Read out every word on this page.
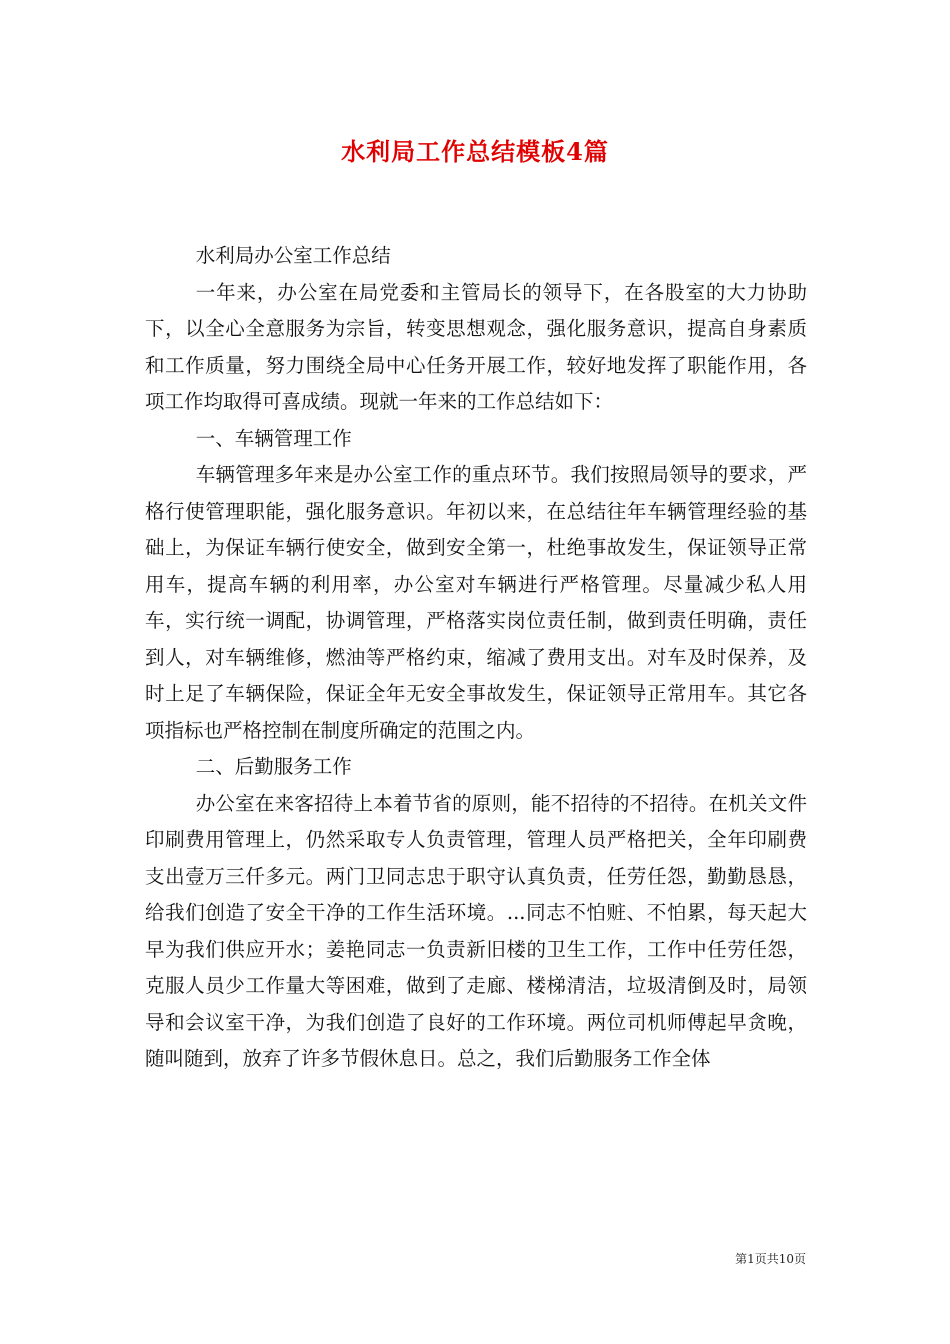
水利局工作总结模板4篇

水利局办公室工作总结

一年来，办公室在局党委和主管局长的领导下，在各股室的大力协助下，以全心全意服务为宗旨，转变思想观念，强化服务意识，提高自身素质和工作质量，努力围绕全局中心任务开展工作，较好地发挥了职能作用，各项工作均取得可喜成绩。现就一年来的工作总结如下：

一、车辆管理工作

车辆管理多年来是办公室工作的重点环节。我们按照局领导的要求，严格行使管理职能，强化服务意识。年初以来，在总结往年车辆管理经验的基础上，为保证车辆行使安全，做到安全第一，杜绝事故发生，保证领导正常用车，提高车辆的利用率，办公室对车辆进行严格管理。尽量减少私人用车，实行统一调配，协调管理，严格落实岗位责任制，做到责任明确，责任到人，对车辆维修，燃油等严格约束，缩减了费用支出。对车及时保养，及时上足了车辆保险，保证全年无安全事故发生，保证领导正常用车。其它各项指标也严格控制在制度所确定的范围之内。

二、后勤服务工作

办公室在来客招待上本着节省的原则，能不招待的不招待。在机关文件印刷费用管理上，仍然采取专人负责管理，管理人员严格把关，全年印刷费支出壹万三仟多元。两门卫同志忠于职守认真负责，任劳任怨，勤勤恳恳，给我们创造了安全干净的工作生活环境。...同志不怕赃、不怕累，每天起大早为我们供应开水；姜艳同志一负责新旧楼的卫生工作，工作中任劳任怨，克服人员少工作量大等困难，做到了走廊、楼梯清洁，垃圾清倒及时，局领导和会议室干净，为我们创造了良好的工作环境。两位司机师傅起早贪晚，随叫随到，放弃了许多节假休息日。总之，我们后勤服务工作全体

第1页共10页
